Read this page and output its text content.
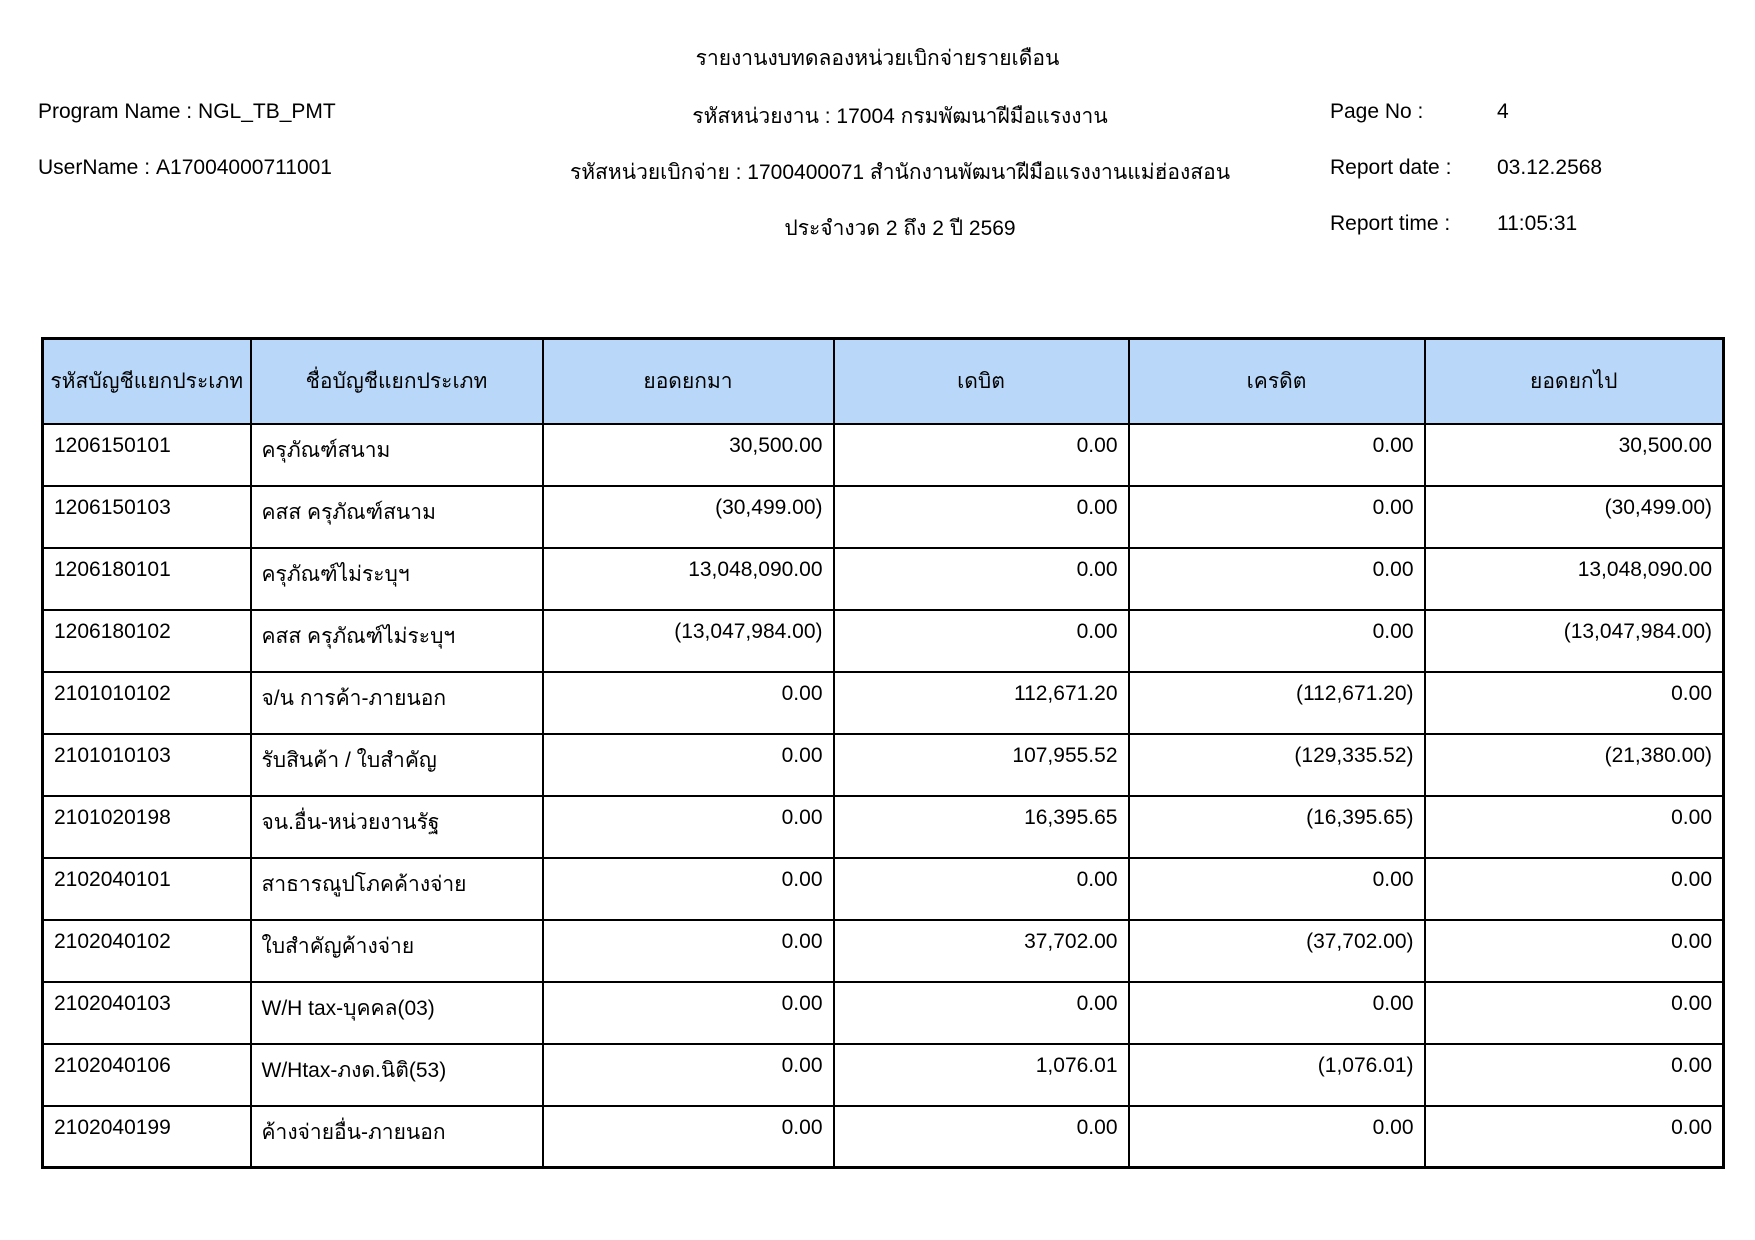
รายงานงบทดลองหน่วยเบิกจ่ายรายเดือน
Program Name : NGL_TB_PMT	รหัสหน่วยงาน : 17004 กรมพัฒนาฝีมือแรงงาน	Page No :	4
UserName : A17004000711001	รหัสหน่วยเบิกจ่าย : 1700400071 สำนักงานพัฒนาฝีมือแรงงานแม่ฮ่องสอน	Report date : 03.12.2568
ประจำงวด 2 ถึง 2 ปี 2569	Report time : 11:05:31
รหัสบัญชีแยกประเภท	ชื่อบัญชีแยกประเภท	ยอดยกมา	เดบิต	เครดิต	ยอดยกไป
1206150101	ครุภัณฑ์สนาม	30,500.00	0.00	0.00	30,500.00
1206150103	คสส ครุภัณฑ์สนาม	(30,499.00)	0.00	0.00	(30,499.00)
1206180101	ครุภัณฑ์ไม่ระบุฯ	13,048,090.00	0.00	0.00	13,048,090.00
1206180102	คสส ครุภัณฑ์ไม่ระบุฯ	(13,047,984.00)	0.00	0.00	(13,047,984.00)
2101010102	จ/น การค้า-ภายนอก	0.00	112,671.20	(112,671.20)	0.00
2101010103	รับสินค้า / ใบสำคัญ	0.00	107,955.52	(129,335.52)	(21,380.00)
2101020198	จน.อื่น-หน่วยงานรัฐ	0.00	16,395.65	(16,395.65)	0.00
2102040101	สาธารณูปโภคค้างจ่าย	0.00	0.00	0.00	0.00
2102040102	ใบสำคัญค้างจ่าย	0.00	37,702.00	(37,702.00)	0.00
2102040103	W/H tax-บุคคล(03)	0.00	0.00	0.00	0.00
2102040106	W/Htax-ภงด.นิติ(53)	0.00	1,076.01	(1,076.01)	0.00
2102040199	ค้างจ่ายอื่น-ภายนอก	0.00	0.00	0.00	0.00
